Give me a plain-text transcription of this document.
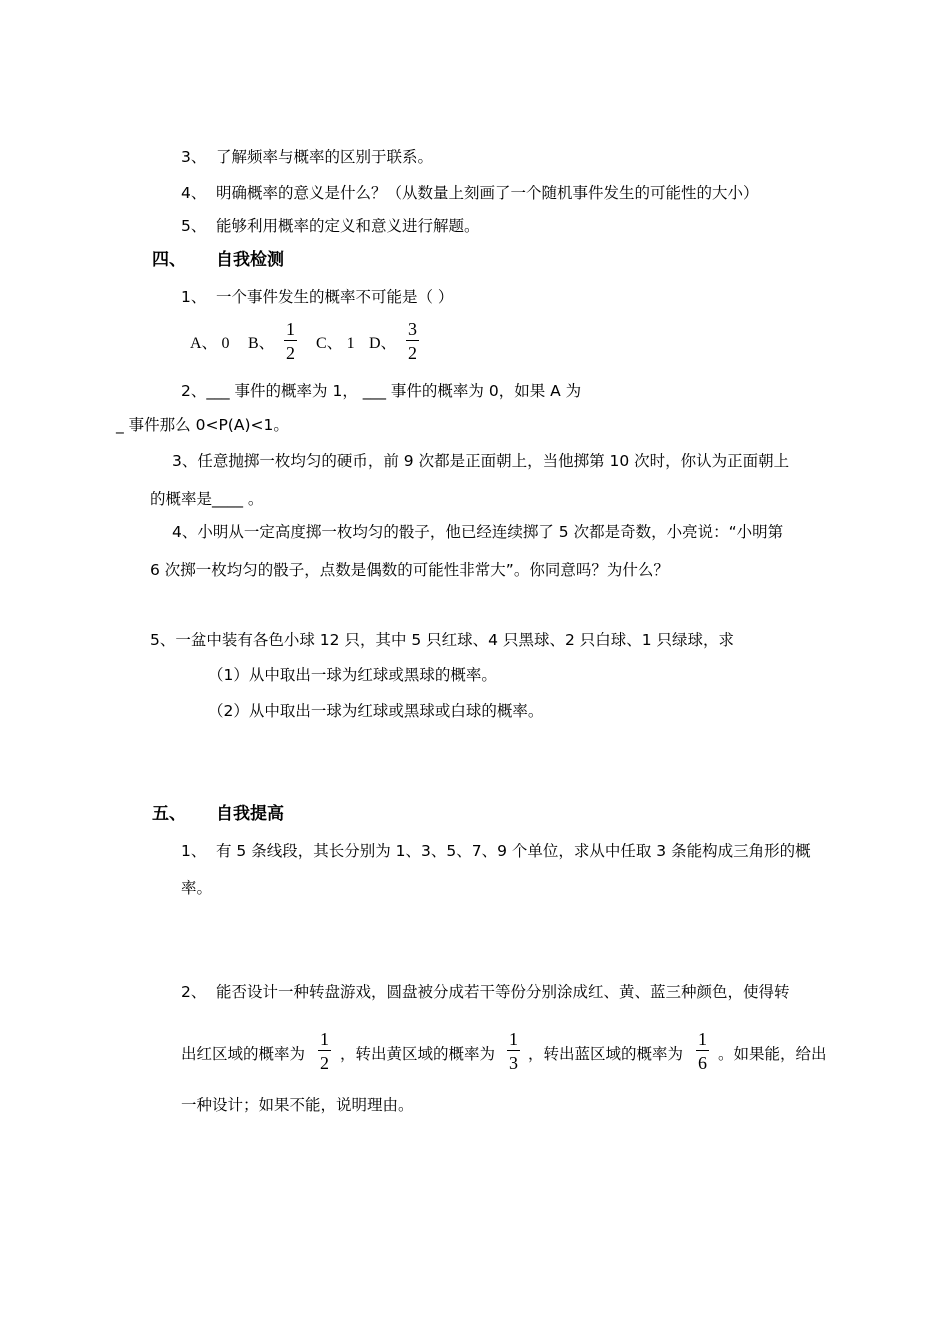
3、 了解频率与概率的区别于联系。
4、 明确概率的意义是什么？（从数量上刻画了一个随机事件发生的可能性的大小）
5、 能够利用概率的定义和意义进行解题。
四、 自我检测
1、 一个事件发生的概率不可能是（ ）
A、 0 B、
1
2 C、 1 D、
3
2
2、___ 事件的概率为 1， ___ 事件的概率为 0，如果 A 为
_ 事件那么 0<P(A)<1。
3、任意抛掷一枚均匀的硬币，前 9 次都是正面朝上，当他掷第 10 次时，你认为正面朝上
的概率是____ 。
4、小明从一定高度掷一枚均匀的骰子，他已经连续掷了 5 次都是奇数，小亮说：“小明第
6 次掷一枚均匀的骰子，点数是偶数的可能性非常大”。你同意吗？为什么？
5、一盆中装有各色小球 12 只，其中 5 只红球、4 只黑球、2 只白球、1 只绿球，求
（1）从中取出一球为红球或黑球的概率。
（2）从中取出一球为红球或黑球或白球的概率。
五、 自我提高
1、 有 5 条线段，其长分别为 1、3、5、7、9 个单位，求从中任取 3 条能构成三角形的概
率。
2、 能否设计一种转盘游戏，圆盘被分成若干等份分别涂成红、黄、蓝三种颜色，使得转
出红区域的概率为
1
2 ，转出黄区域的概率为
1
3 ，转出蓝区域的概率为
1
6 。如果能，给出
一种设计；如果不能，说明理由。
